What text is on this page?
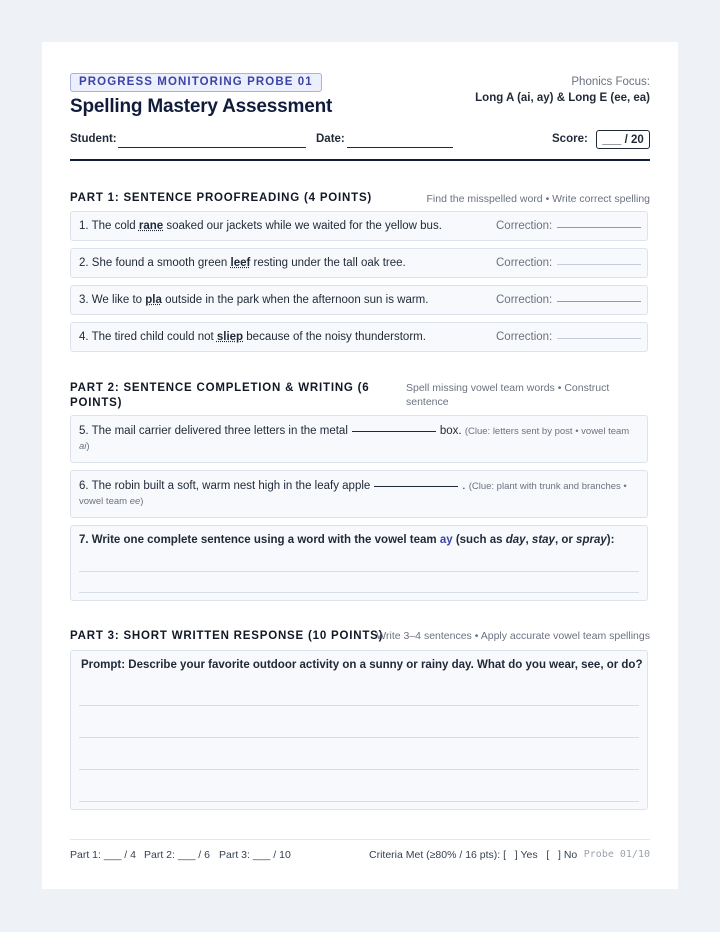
PROGRESS MONITORING PROBE 01
Spelling Mastery Assessment
Phonics Focus:
Long A (ai, ay) & Long E (ee, ea)
Student:	Date:	Score:	___ / 20
PART 1: SENTENCE PROOFREADING (4 POINTS)	Find the misspelled word • Write correct spelling
1. The cold rane soaked our jackets while we waited for the yellow bus.	Correction:
2. She found a smooth green leef resting under the tall oak tree.	Correction:
3. We like to pla outside in the park when the afternoon sun is warm.	Correction:
4. The tired child could not sliep because of the noisy thunderstorm.	Correction:
PART 2: SENTENCE COMPLETION & WRITING (6
POINTS)
Spell missing vowel team words • Construct
sentence
5. The mail carrier delivered three letters in the metal	box. (Clue: letters sent by post • vowel team
ai)
6. The robin built a soft, warm nest high in the leafy apple	. (Clue: plant with trunk and branches •
vowel team ee)
7. Write one complete sentence using a word with the vowel team ay (such as day, stay, or spray):
PART 3: SHORT WRITTEN RESPONSE (10 POINTS)
Write 3–4 sentences • Apply accurate vowel team spellings
Prompt: Describe your favorite outdoor activity on a sunny or rainy day. What do you wear, see, or do?
Part 1: ___ / 4 Part 2: ___ / 6 Part 3: ___ / 10	Criteria Met (≥80% / 16 pts): [   ] Yes   [   ] No Probe 01/10
